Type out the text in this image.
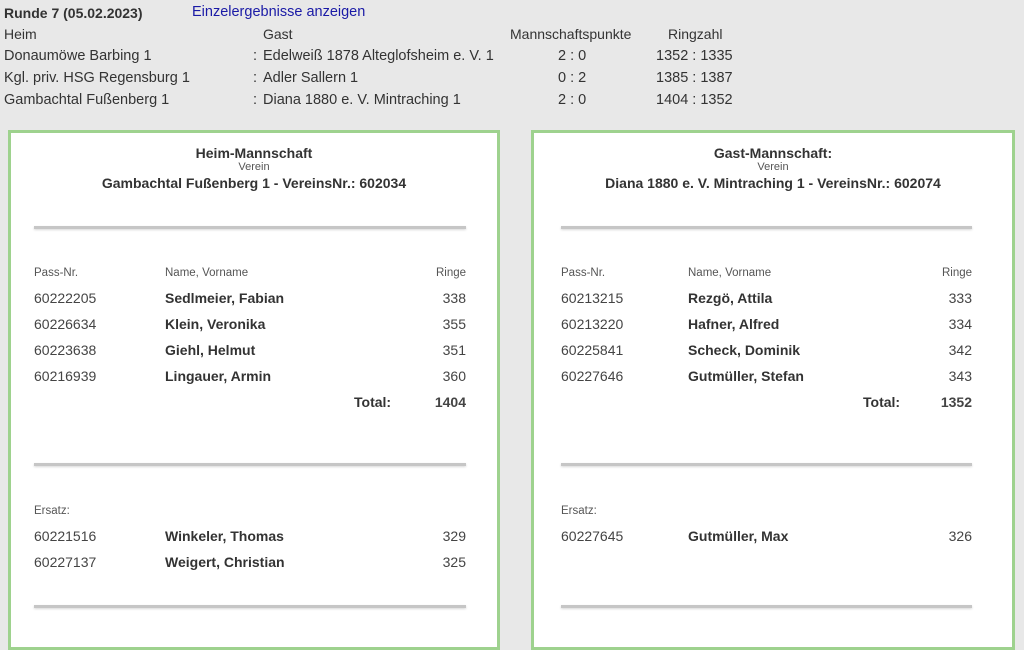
Runde 7 (05.02.2023)	Einzelergebnisse anzeigen
Heim	Gast	Mannschaftspunkte	Ringzahl
Donaumöwe Barbing 1	: Edelweiß 1878 Alteglofsheim e. V. 1	2 : 0	1352 : 1335
Kgl. priv. HSG Regensburg 1	: Adler Sallern 1	0 : 2	1385 : 1387
Gambachtal Fußenberg 1	: Diana 1880 e. V. Mintraching 1	2 : 0	1404 : 1352
Heim-Mannschaft
Verein
Gambachtal Fußenberg 1 - VereinsNr.: 602034
Pass-Nr.	Name, Vorname	Ringe
60222205	Sedlmeier, Fabian	338
60226634	Klein, Veronika	355
60223638	Giehl, Helmut	351
60216939	Lingauer, Armin	360
Total:	1404
Ersatz:
60221516	Winkeler, Thomas	329
60227137	Weigert, Christian	325
Gast-Mannschaft:
Verein
Diana 1880 e. V. Mintraching 1 - VereinsNr.: 602074
Pass-Nr.	Name, Vorname	Ringe
60213215	Rezgö, Attila	333
60213220	Hafner, Alfred	334
60225841	Scheck, Dominik	342
60227646	Gutmüller, Stefan	343
Total:	1352
Ersatz:
60227645	Gutmüller, Max	326
